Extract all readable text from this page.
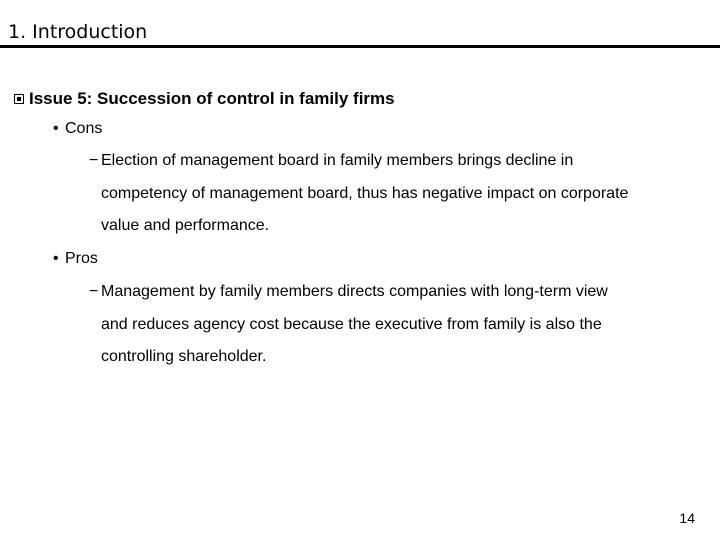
1. Introduction
Issue 5: Succession of control in family firms
• Cons
− Election of management board in family members brings decline in
competency of management board, thus has negative impact on corporate
value and performance.
• Pros
− Management by family members directs companies with long-term view
and reduces agency cost because the executive from family is also the
controlling shareholder.
14
